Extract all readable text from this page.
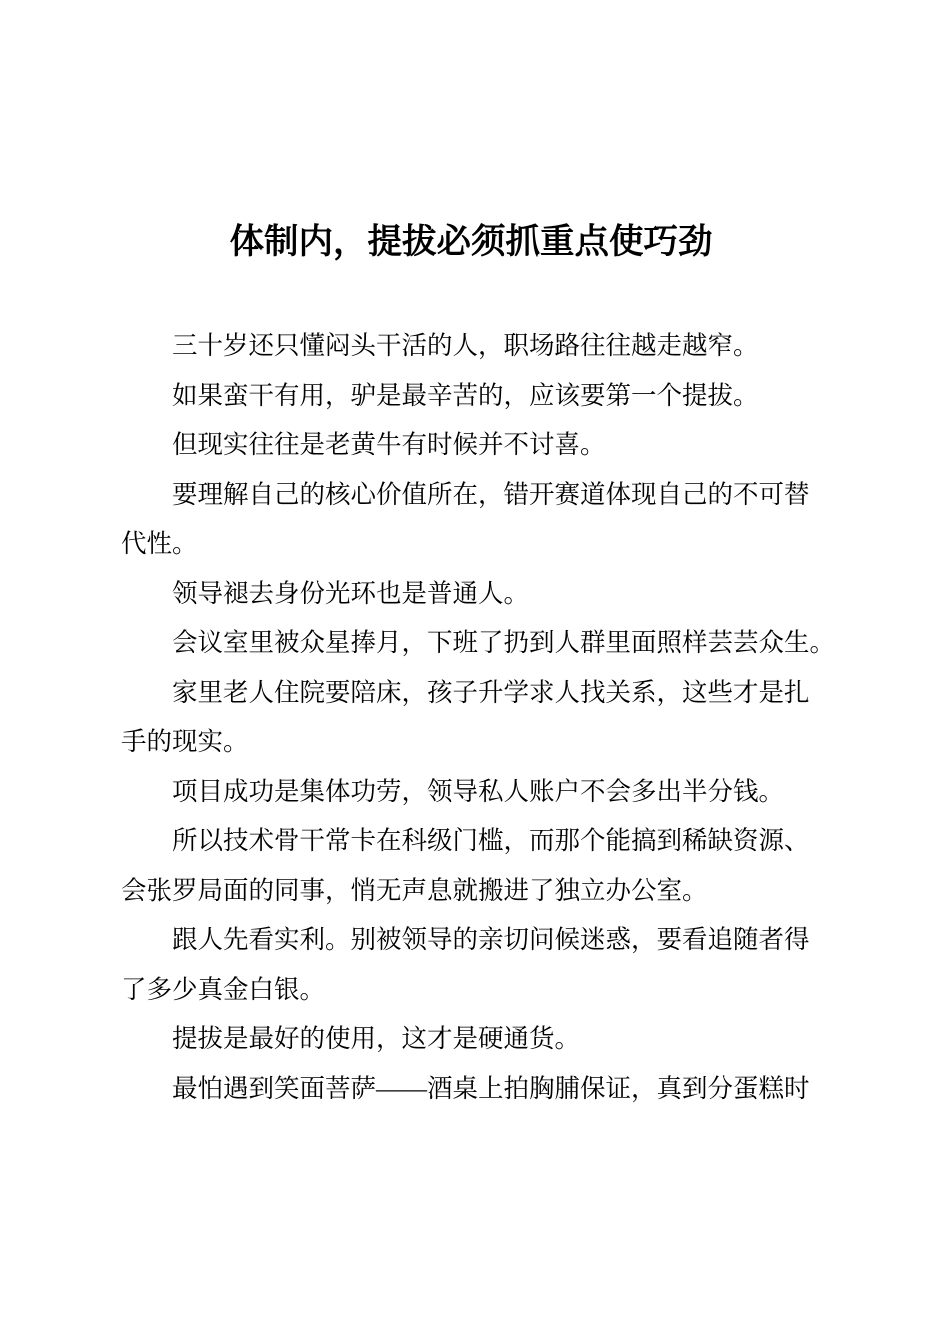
体制内，提拔必须抓重点使巧劲

三十岁还只懂闷头干活的人，职场路往往越走越窄。

如果蛮干有用，驴是最辛苦的，应该要第一个提拔。

但现实往往是老黄牛有时候并不讨喜。

要理解自己的核心价值所在，错开赛道体现自己的不可替
代性。

领导褪去身份光环也是普通人。

会议室里被众星捧月，下班了扔到人群里面照样芸芸众生。

家里老人住院要陪床，孩子升学求人找关系，这些才是扎
手的现实。

项目成功是集体功劳，领导私人账户不会多出半分钱。

所以技术骨干常卡在科级门槛，而那个能搞到稀缺资源、
会张罗局面的同事，悄无声息就搬进了独立办公室。

跟人先看实利。别被领导的亲切问候迷惑，要看追随者得
了多少真金白银。

提拔是最好的使用，这才是硬通货。

最怕遇到笑面菩萨——酒桌上拍胸脯保证，真到分蛋糕时
